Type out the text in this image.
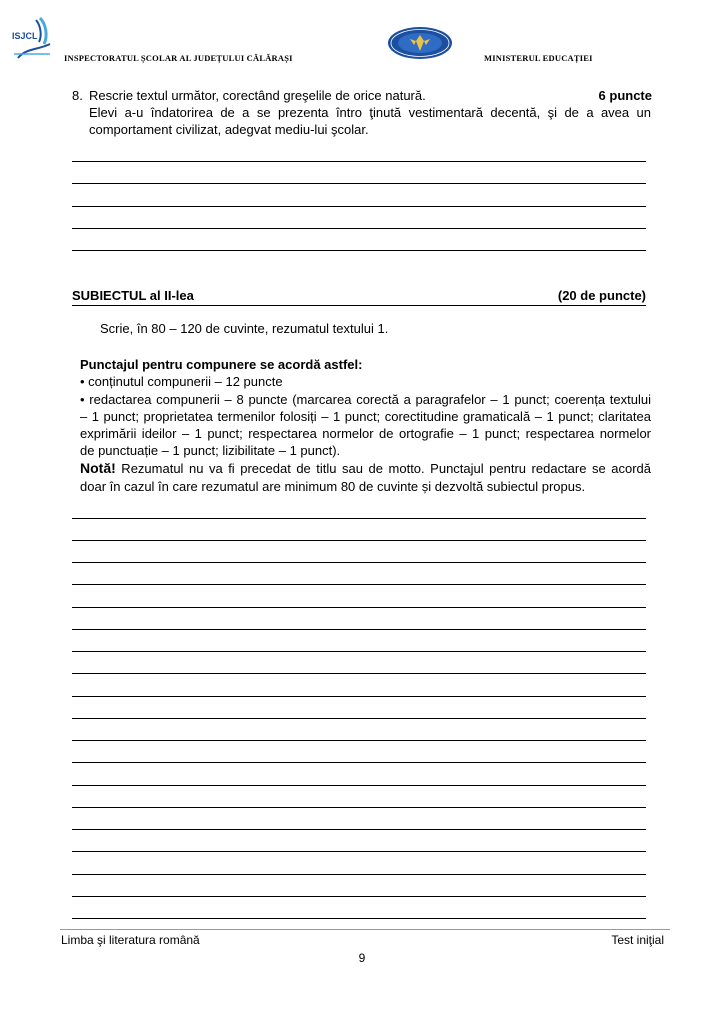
ISJCL
INSPECTORATUL ȘCOLAR AL JUDEȚULUI CĂLĂRAȘI	MINISTERUL EDUCAȚIEI
8. Rescrie textul următor, corectând greşelile de orice natură.	6 puncte
Elevi a-u îndatorirea de a se prezenta întro ţinută vestimentară decentă, şi de a avea un
comportament civilizat, adegvat mediu-lui şcolar.
SUBIECTUL al II-lea	(20 de puncte)
Scrie, în 80 – 120 de cuvinte, rezumatul textului 1.
Punctajul pentru compunere se acordă astfel:
• conținutul compunerii – 12 puncte
• redactarea compunerii – 8 puncte (marcarea corectă a paragrafelor – 1 punct; coerența textului
– 1 punct; proprietatea termenilor folosiți – 1 punct; corectitudine gramaticală – 1 punct; claritatea
exprimării ideilor – 1 punct; respectarea normelor de ortografie – 1 punct; respectarea normelor
de punctuație – 1 punct; lizibilitate – 1 punct).
Notă! Rezumatul nu va fi precedat de titlu sau de motto. Punctajul pentru redactare se acordă
doar în cazul în care rezumatul are minimum 80 de cuvinte și dezvoltă subiectul propus.
Limba şi literatura română	Test iniţial
9
